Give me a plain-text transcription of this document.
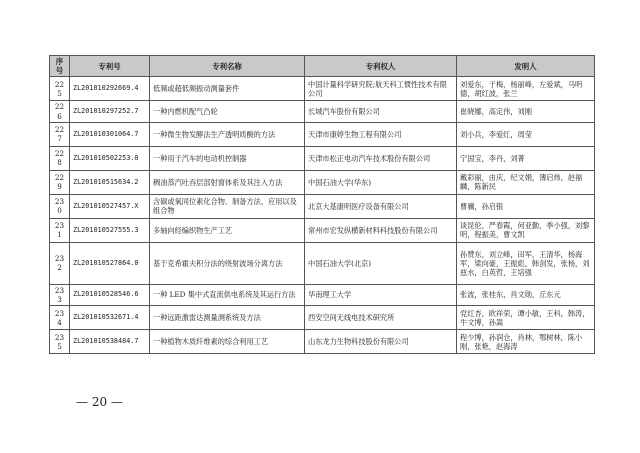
序号	专利号	专利名称	专利权人	发明人
225	ZL201010292669.4	低频或超低频振动测量套件	中国计量科学研究院;航天科工惯性技术有限公司	刘爱东，于梅，杨丽峰，左爱斌，马明德，胡红波，张兰
226	ZL201010297252.7	一种内燃机配气凸轮	长城汽车股份有限公司	崔晓娜，高定伟，刘刚
227	ZL201010301064.7	一种微生物发酵法生产透明质酸的方法	天津市康婷生物工程有限公司	刘小兵，李爱红，周莹
228	ZL201010502253.0	一种用于汽车的电动机控制器	天津市松正电动汽车技术股份有限公司	宁国宝，李丹，刘菁
229	ZL201010515634.2	稠油蒸汽吐吞层部射窗体系及其注入方法	中国石油大学(华东)	戴彩丽，由庆，纪文娟，薄启炜，赵福麟，陈新民
230	ZL201010527457.X	含碳或氧同位素化合物、制备方法、应用以及组合物	北京大基康明医疗设备有限公司	曹骥，孙启银
231	ZL201010527555.3	多轴向经编织物生产工艺	常州市宏发纵横新材料科技股份有限公司	谈昆伦，严春霞，何亚勤，季小强，刘黎明，程振美，曹文凯
232	ZL201010527864.0	基于克希霍夫积分法的绕射波场分离方法	中国石油大学(北京)	孙赞东，刘立峰，田军，王清华，杨海军，梁向豪，王振彪，韩剑发，张杨，刘兹水，白英哲，王培强
233	ZL201010528546.6	一种 LED 集中式直流供电系统及其运行方法	华南理工大学	张波，张桂东，肖文勋，丘东元
234	ZL201010532671.4	一种远距激雷达测量测系统及方法	西安空间无线电技术研究所	党红杏，欧祥荣，谭小敏，王科，韩涛，牛文博，孙嵩
235	ZL201010538484.7	一种植物木质纤维素的综合利用工艺	山东龙力生物科技股份有限公司	程少博，孙润仓，肖林，鄂树林，陈小刚，张艳，赵海涛
— 20 —
